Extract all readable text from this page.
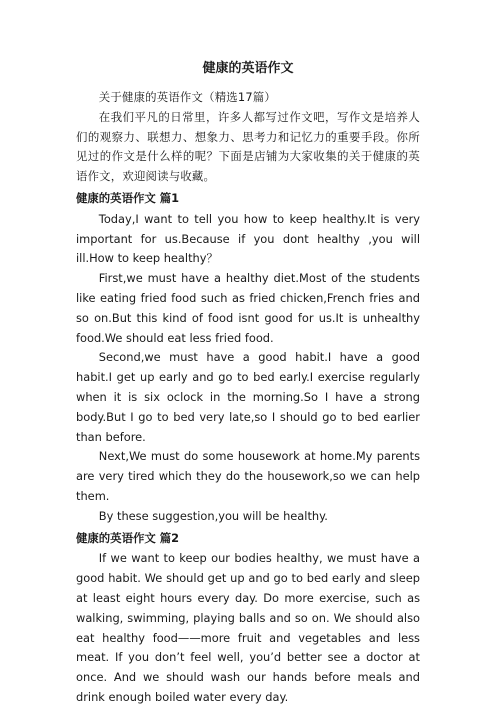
健康的英语作文

关于健康的英语作文（精选17篇）

在我们平凡的日常里，许多人都写过作文吧，写作文是培养人们的观察力、联想力、想象力、思考力和记忆力的重要手段。你所见过的作文是什么样的呢？下面是店铺为大家收集的关于健康的英语作文，欢迎阅读与收藏。

健康的英语作文 篇1

Today,I want to tell you how to keep healthy.It is very important for us.Because if you dont healthy ,you will ill.How to keep healthy？

First,we must have a healthy diet.Most of the students like eating fried food such as fried chicken,French fries and so on.But this kind of food isnt good for us.It is unhealthy food.We should eat less fried food.

Second,we must have a good habit.I have a good habit.I get up early and go to bed early.I exercise regularly when it is six oclock in the morning.So I have a strong body.But I go to bed very late,so I should go to bed earlier than before.

Next,We must do some housework at home.My parents are very tired which they do the housework,so we can help them.

By these suggestion,you will be healthy.

健康的英语作文 篇2

If we want to keep our bodies healthy, we must have a good habit. We should get up and go to bed early and sleep at least eight hours every day. Do more exercise, such as walking, swimming, playing balls and so on. We should also eat healthy food——more fruit and vegetables and less meat. If you don’t feel well, you’d better see a doctor at once. And we should wash our hands before meals and drink enough boiled water every day.
